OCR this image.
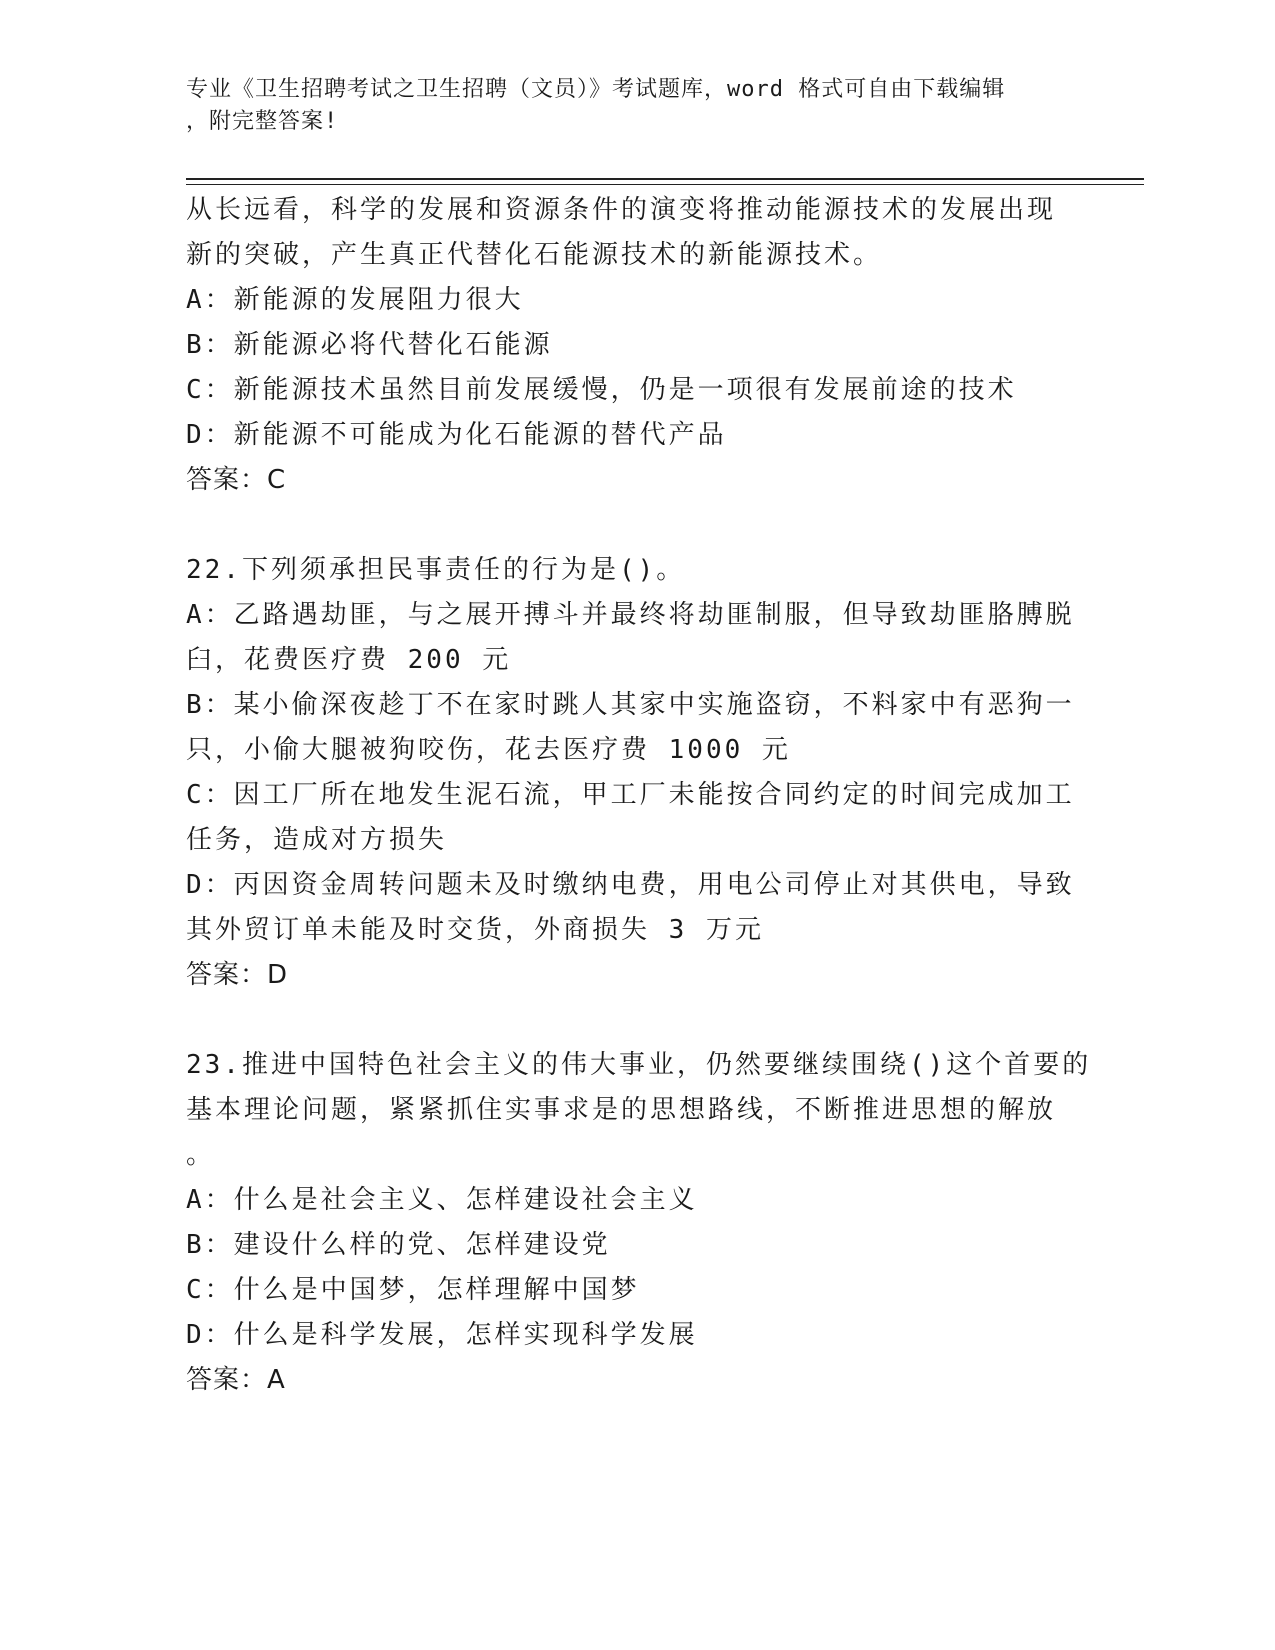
专业《卫生招聘考试之卫生招聘（文员）》考试题库，word 格式可自由下载编辑
，附完整答案!
从长远看，科学的发展和资源条件的演变将推动能源技术的发展出现
新的突破，产生真正代替化石能源技术的新能源技术。
A：新能源的发展阻力很大
B：新能源必将代替化石能源
C：新能源技术虽然目前发展缓慢，仍是一项很有发展前途的技术
D：新能源不可能成为化石能源的替代产品
答案：C
22.下列须承担民事责任的行为是()。
A：乙路遇劫匪，与之展开搏斗并最终将劫匪制服，但导致劫匪胳膊脱
臼，花费医疗费 200 元
B：某小偷深夜趁丁不在家时跳人其家中实施盗窃，不料家中有恶狗一
只，小偷大腿被狗咬伤，花去医疗费 1000 元
C：因工厂所在地发生泥石流，甲工厂未能按合同约定的时间完成加工
任务，造成对方损失
D：丙因资金周转问题未及时缴纳电费，用电公司停止对其供电，导致
其外贸订单未能及时交货，外商损失 3 万元
答案：D
23.推进中国特色社会主义的伟大事业，仍然要继续围绕()这个首要的
基本理论问题，紧紧抓住实事求是的思想路线，不断推进思想的解放
。
A：什么是社会主义、怎样建设社会主义
B：建设什么样的党、怎样建设党
C：什么是中国梦，怎样理解中国梦
D：什么是科学发展，怎样实现科学发展
答案：A
